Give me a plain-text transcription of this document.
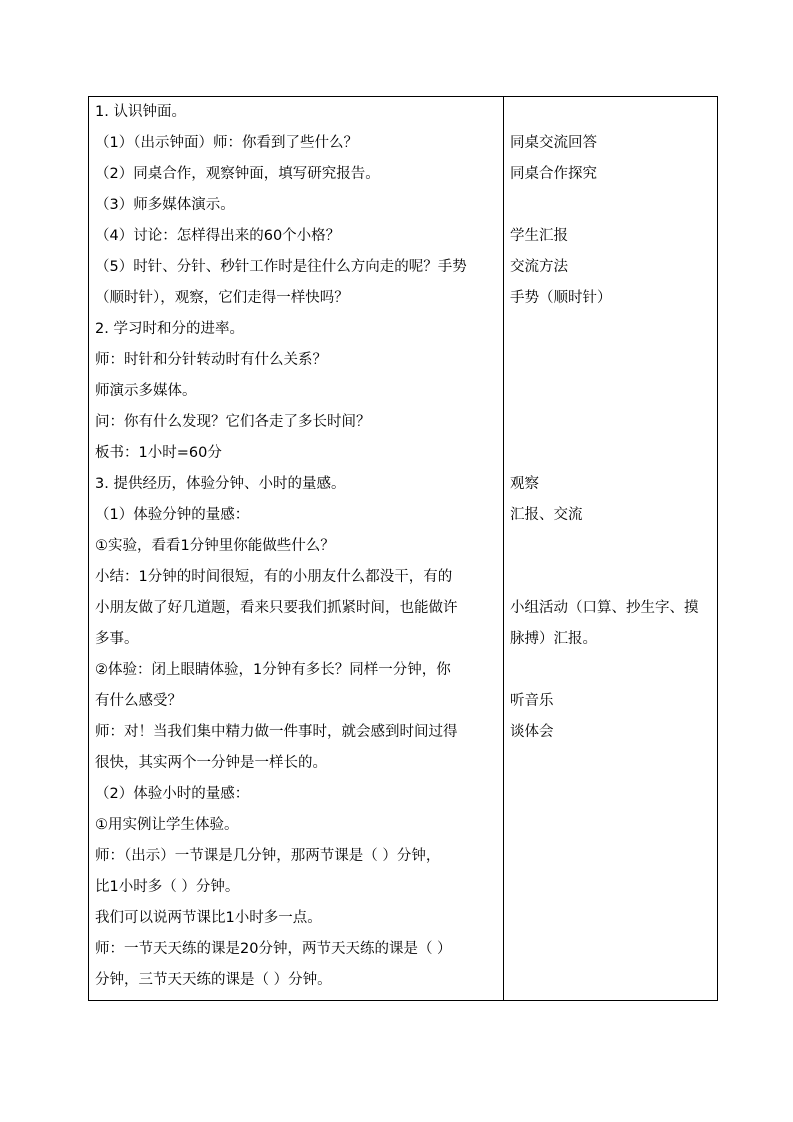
1. 认识钟面。
（1）（出示钟面）师：你看到了些什么？
（2）同桌合作，观察钟面，填写研究报告。
（3）师多媒体演示。
（4）讨论：怎样得出来的60个小格？
（5）时针、分针、秒针工作时是往什么方向走的呢？手势
（顺时针），观察，它们走得一样快吗？
2. 学习时和分的进率。
师：时针和分针转动时有什么关系？
师演示多媒体。
问：你有什么发现？它们各走了多长时间？
板书：1小时=60分
3. 提供经历，体验分钟、小时的量感。
（1）体验分钟的量感：
①实验，看看1分钟里你能做些什么？
小结：1分钟的时间很短，有的小朋友什么都没干，有的
小朋友做了好几道题，看来只要我们抓紧时间，也能做许
多事。
②体验：闭上眼睛体验，1分钟有多长？同样一分钟，你
有什么感受？
师：对！当我们集中精力做一件事时，就会感到时间过得
很快，其实两个一分钟是一样长的。
（2）体验小时的量感：
①用实例让学生体验。
师：（出示）一节课是几分钟，那两节课是（ ）分钟，
比1小时多（ ）分钟。
我们可以说两节课比1小时多一点。
师：一节天天练的课是20分钟，两节天天练的课是（ ）
分钟，三节天天练的课是（ ）分钟。
同桌交流回答
同桌合作探究
学生汇报
交流方法
手势（顺时针）
观察
汇报、交流
小组活动（口算、抄生字、摸
脉搏）汇报。
听音乐
谈体会
